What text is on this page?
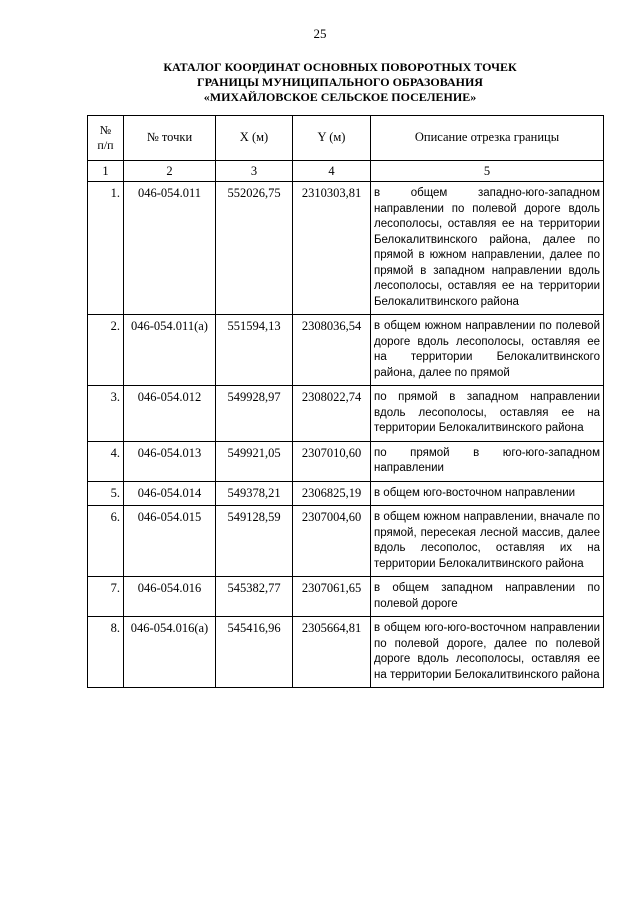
25
КАТАЛОГ КООРДИНАТ ОСНОВНЫХ ПОВОРОТНЫХ ТОЧЕК
ГРАНИЦЫ МУНИЦИПАЛЬНОГО ОБРАЗОВАНИЯ
«МИХАЙЛОВСКОЕ СЕЛЬСКОЕ ПОСЕЛЕНИЕ»
№
п/п	№ точки	X (м)	Y (м)	Описание отрезка границы
1	2	3	4	5
1.	046-054.011	552026,75	2310303,81	в общем западно-юго-западном направлении по полевой дороге вдоль лесополосы, оставляя ее на территории Белокалитвинского района, далее по прямой в южном направлении, далее по прямой в западном направлении вдоль лесополосы, оставляя ее на территории Белокалитвинского района
2.	046-054.011(а)	551594,13	2308036,54	в общем южном направлении по полевой дороге вдоль лесополосы, оставляя ее на территории Белокалитвинского района, далее по прямой
3.	046-054.012	549928,97	2308022,74	по прямой в западном направлении вдоль лесополосы, оставляя ее на территории Белокалитвинского района
4.	046-054.013	549921,05	2307010,60	по прямой в юго-юго-западном направлении
5.	046-054.014	549378,21	2306825,19	в общем юго-восточном направлении
6.	046-054.015	549128,59	2307004,60	в общем южном направлении, вначале по прямой, пересекая лесной массив, далее вдоль лесополос, оставляя их на территории Белокалитвинского района
7.	046-054.016	545382,77	2307061,65	в общем западном направлении по полевой дороге
8.	046-054.016(а)	545416,96	2305664,81	в общем юго-юго-восточном направлении по полевой дороге, далее по полевой дороге вдоль лесополосы, оставляя ее на территории Белокалитвинского района
